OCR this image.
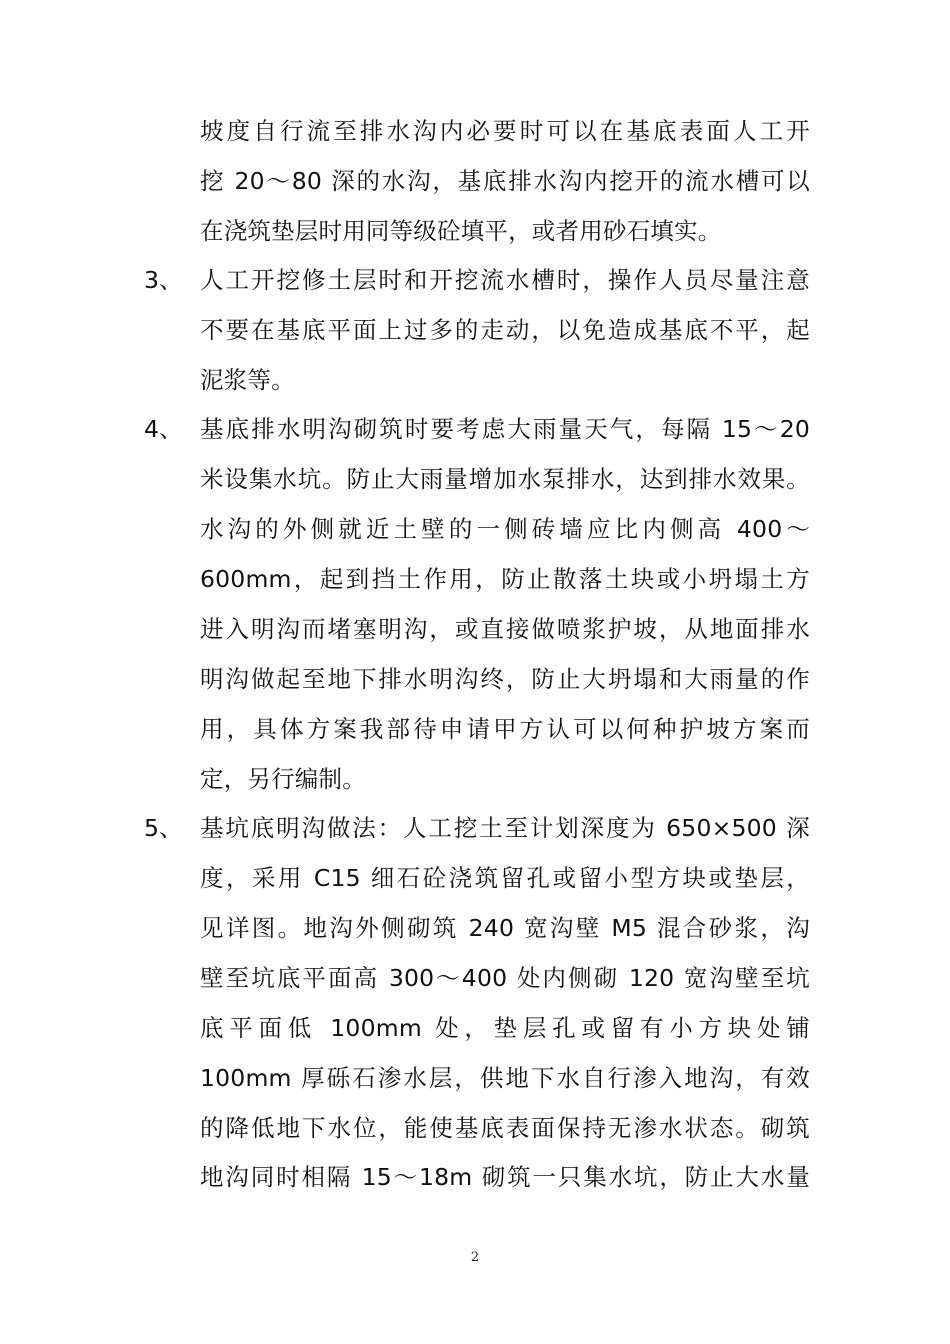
坡度自行流至排水沟内必要时可以在基底表面人工开
挖 20～80 深的水沟，基底排水沟内挖开的流水槽可以
在浇筑垫层时用同等级砼填平，或者用砂石填实。
3、 人工开挖修土层时和开挖流水槽时，操作人员尽量注意
不要在基底平面上过多的走动，以免造成基底不平，起
泥浆等。
4、 基底排水明沟砌筑时要考虑大雨量天气，每隔 15～20
米设集水坑。防止大雨量增加水泵排水，达到排水效果。
水沟的外侧就近土壁的一侧砖墙应比内侧高 400～
600mm，起到挡土作用，防止散落土块或小坍塌土方
进入明沟而堵塞明沟，或直接做喷浆护坡，从地面排水
明沟做起至地下排水明沟终，防止大坍塌和大雨量的作
用，具体方案我部待申请甲方认可以何种护坡方案而
定，另行编制。
5、 基坑底明沟做法：人工挖土至计划深度为 650×500 深
度，采用 C15 细石砼浇筑留孔或留小型方块或垫层，
见详图。地沟外侧砌筑 240 宽沟壁 M5 混合砂浆，沟
壁至坑底平面高 300～400 处内侧砌 120 宽沟壁至坑
底平面低 100mm 处，垫层孔或留有小方块处铺
100mm 厚砾石渗水层，供地下水自行渗入地沟，有效
的降低地下水位，能使基底表面保持无渗水状态。砌筑
地沟同时相隔 15～18m 砌筑一只集水坑，防止大水量
2
